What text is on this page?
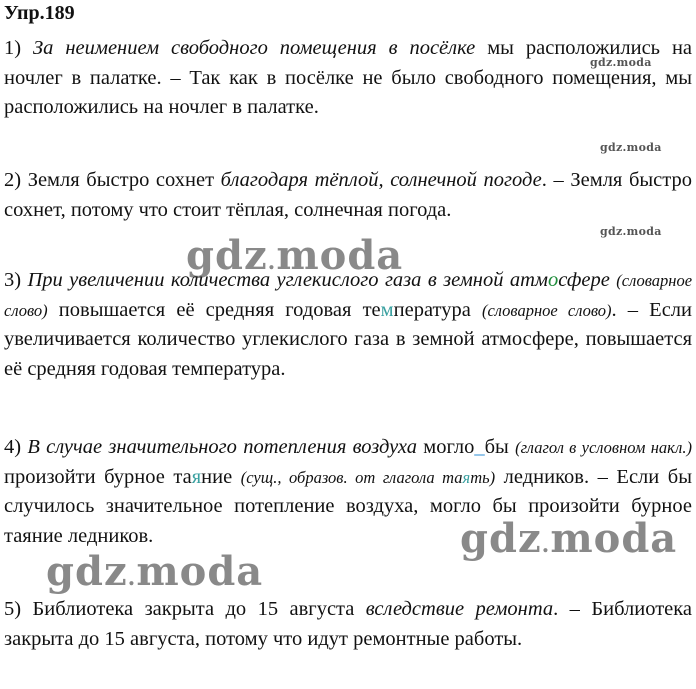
Упр.189
1) За неимением свободного помещения в посёлке мы расположились на ночлег в палатке. – Так как в посёлке не было свободного помещения, мы расположились на ночлег в палатке.
2) Земля быстро сохнет благодаря тёплой, солнечной погоде. – Земля быстро сохнет, потому что стоит тёплая, солнечная погода.
3) При увеличении количества углекислого газа в земной атмосфере (словарное слово) повышается её средняя годовая температура (словарное слово). – Если увеличивается количество углекислого газа в земной атмосфере, повышается её средняя годовая температура.
4) В случае значительного потепления воздуха могло_бы (глагол в условном накл.) произойти бурное таяние (сущ., образов. от глагола таять) ледников. – Если бы случилось значительное потепление воздуха, могло бы произойти бурное таяние ледников.
5) Библиотека закрыта до 15 августа вследствие ремонта. – Библиотека закрыта до 15 августа, потому что идут ремонтные работы.
gdz.moda
gdz.moda
gdz.moda
gdz.moda
gdz.moda
gdz.moda
